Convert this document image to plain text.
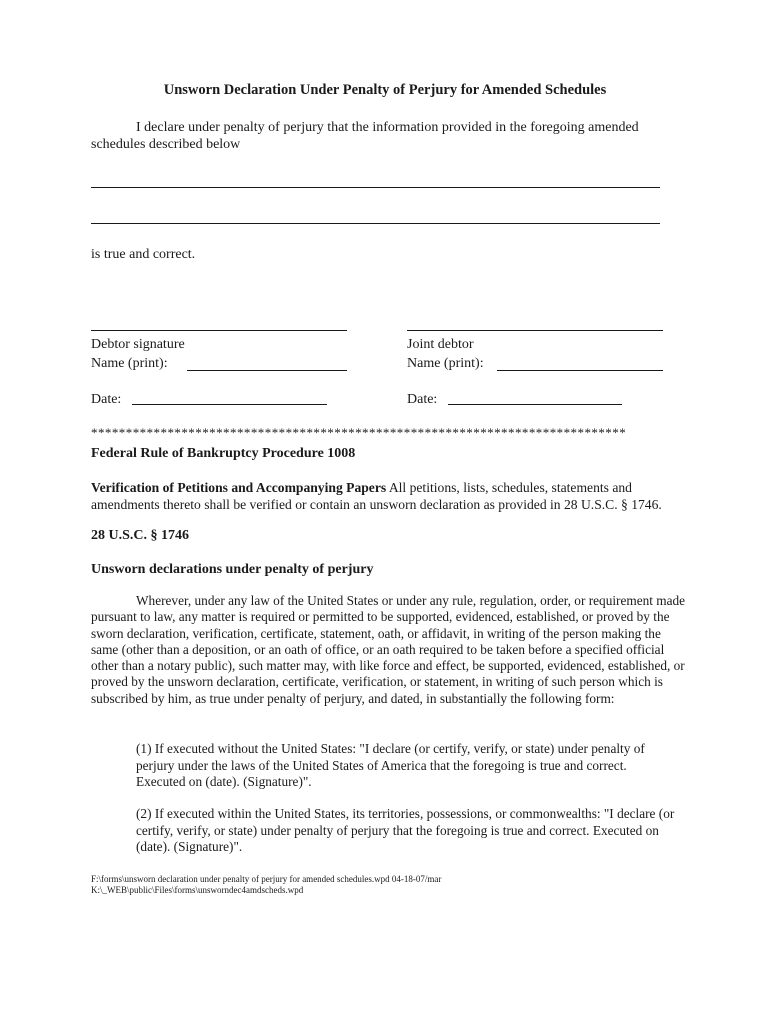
Unsworn Declaration Under Penalty of Perjury for Amended Schedules
I declare under penalty of perjury that the information provided in the foregoing amended schedules described below
is true and correct.
Debtor signature
Name (print):
Date:
Joint debtor
Name (print):
Date:
*****************************************************************************
Federal Rule of Bankruptcy Procedure 1008
Verification of Petitions and Accompanying Papers All petitions, lists, schedules, statements and amendments thereto shall be verified or contain an unsworn declaration as provided in 28 U.S.C. § 1746.
28 U.S.C. § 1746
Unsworn declarations under penalty of perjury
Wherever, under any law of the United States or under any rule, regulation, order, or requirement made pursuant to law, any matter is required or permitted to be supported, evidenced, established, or proved by the sworn declaration, verification, certificate, statement, oath, or affidavit, in writing of the person making the same (other than a deposition, or an oath of office, or an oath required to be taken before a specified official other than a notary public), such matter may, with like force and effect, be supported, evidenced, established, or proved by the unsworn declaration, certificate, verification, or statement, in writing of such person which is subscribed by him, as true under penalty of perjury, and dated, in substantially the following form:
(1) If executed without the United States: "I declare (or certify, verify, or state) under penalty of perjury under the laws of the United States of America that the foregoing is true and correct. Executed on (date). (Signature)".
(2) If executed within the United States, its territories, possessions, or commonwealths: "I declare (or certify, verify, or state) under penalty of perjury that the foregoing is true and correct. Executed on (date). (Signature)".
F:\forms\unsworn declaration under penalty of perjury for amended schedules.wpd 04-18-07/mar
K:\_WEB\public\Files\forms\unsworndec4amdscheds.wpd
